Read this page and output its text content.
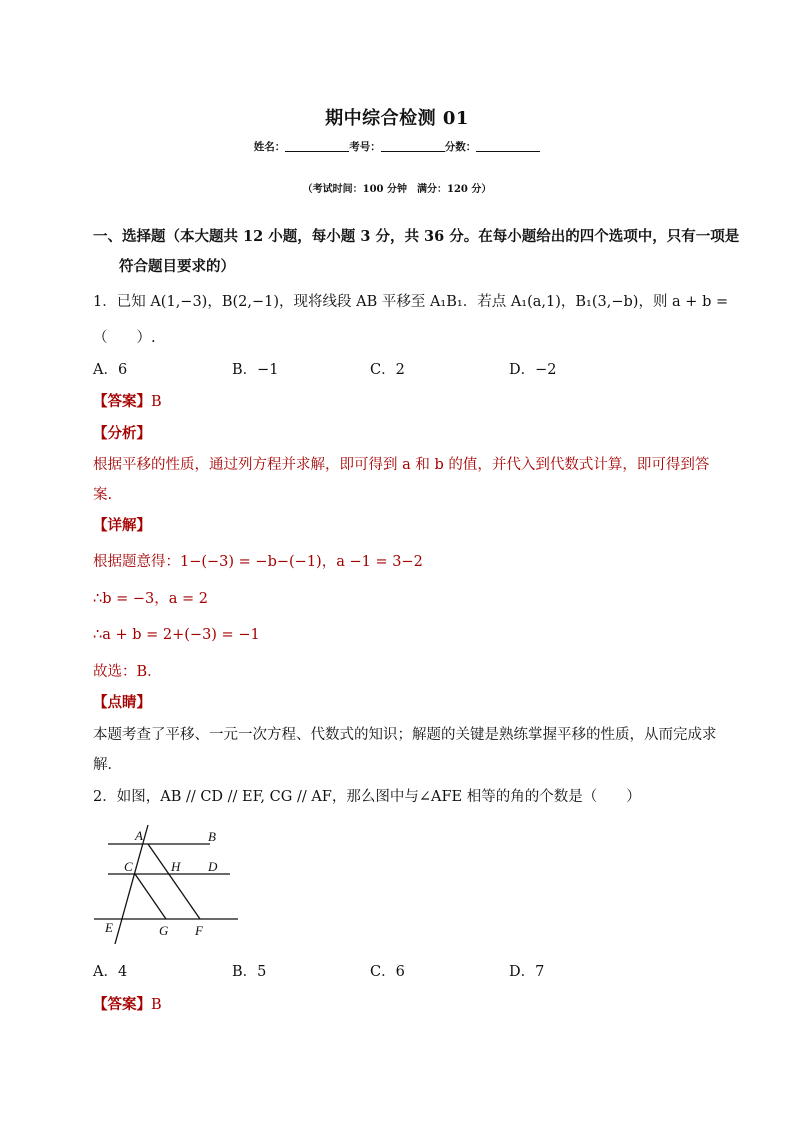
期中综合检测 01
姓名：	考号：	分数：
（考试时间：100 分钟　满分：120 分）
一、选择题（本大题共 12 小题，每小题 3 分，共 36 分。在每小题给出的四个选项中，只有一项是
符合题目要求的）
1．已知 A(1,−3)，B(2,−1)，现将线段 AB 平移至 A₁B₁．若点 A₁(a,1)，B₁(3,−b)，则 a + b =
（　　）.
A．6	B．−1	C．2	D．−2
【答案】B
【分析】
根据平移的性质，通过列方程并求解，即可得到 a 和 b 的值，并代入到代数式计算，即可得到答
案.
【详解】
根据题意得：1−(−3) = −b−(−1)，a −1 = 3−2
∴b = −3，a = 2
∴a + b = 2+(−3) = −1
故选：B．
【点睛】
本题考查了平移、一元一次方程、代数式的知识；解题的关键是熟练掌握平移的性质，从而完成求
解．
2．如图，AB // CD // EF, CG // AF，那么图中与∠AFE 相等的角的个数是（　　）
A	B
C	H D
E	G F
A．4	B．5	C．6	D．7
【答案】B
